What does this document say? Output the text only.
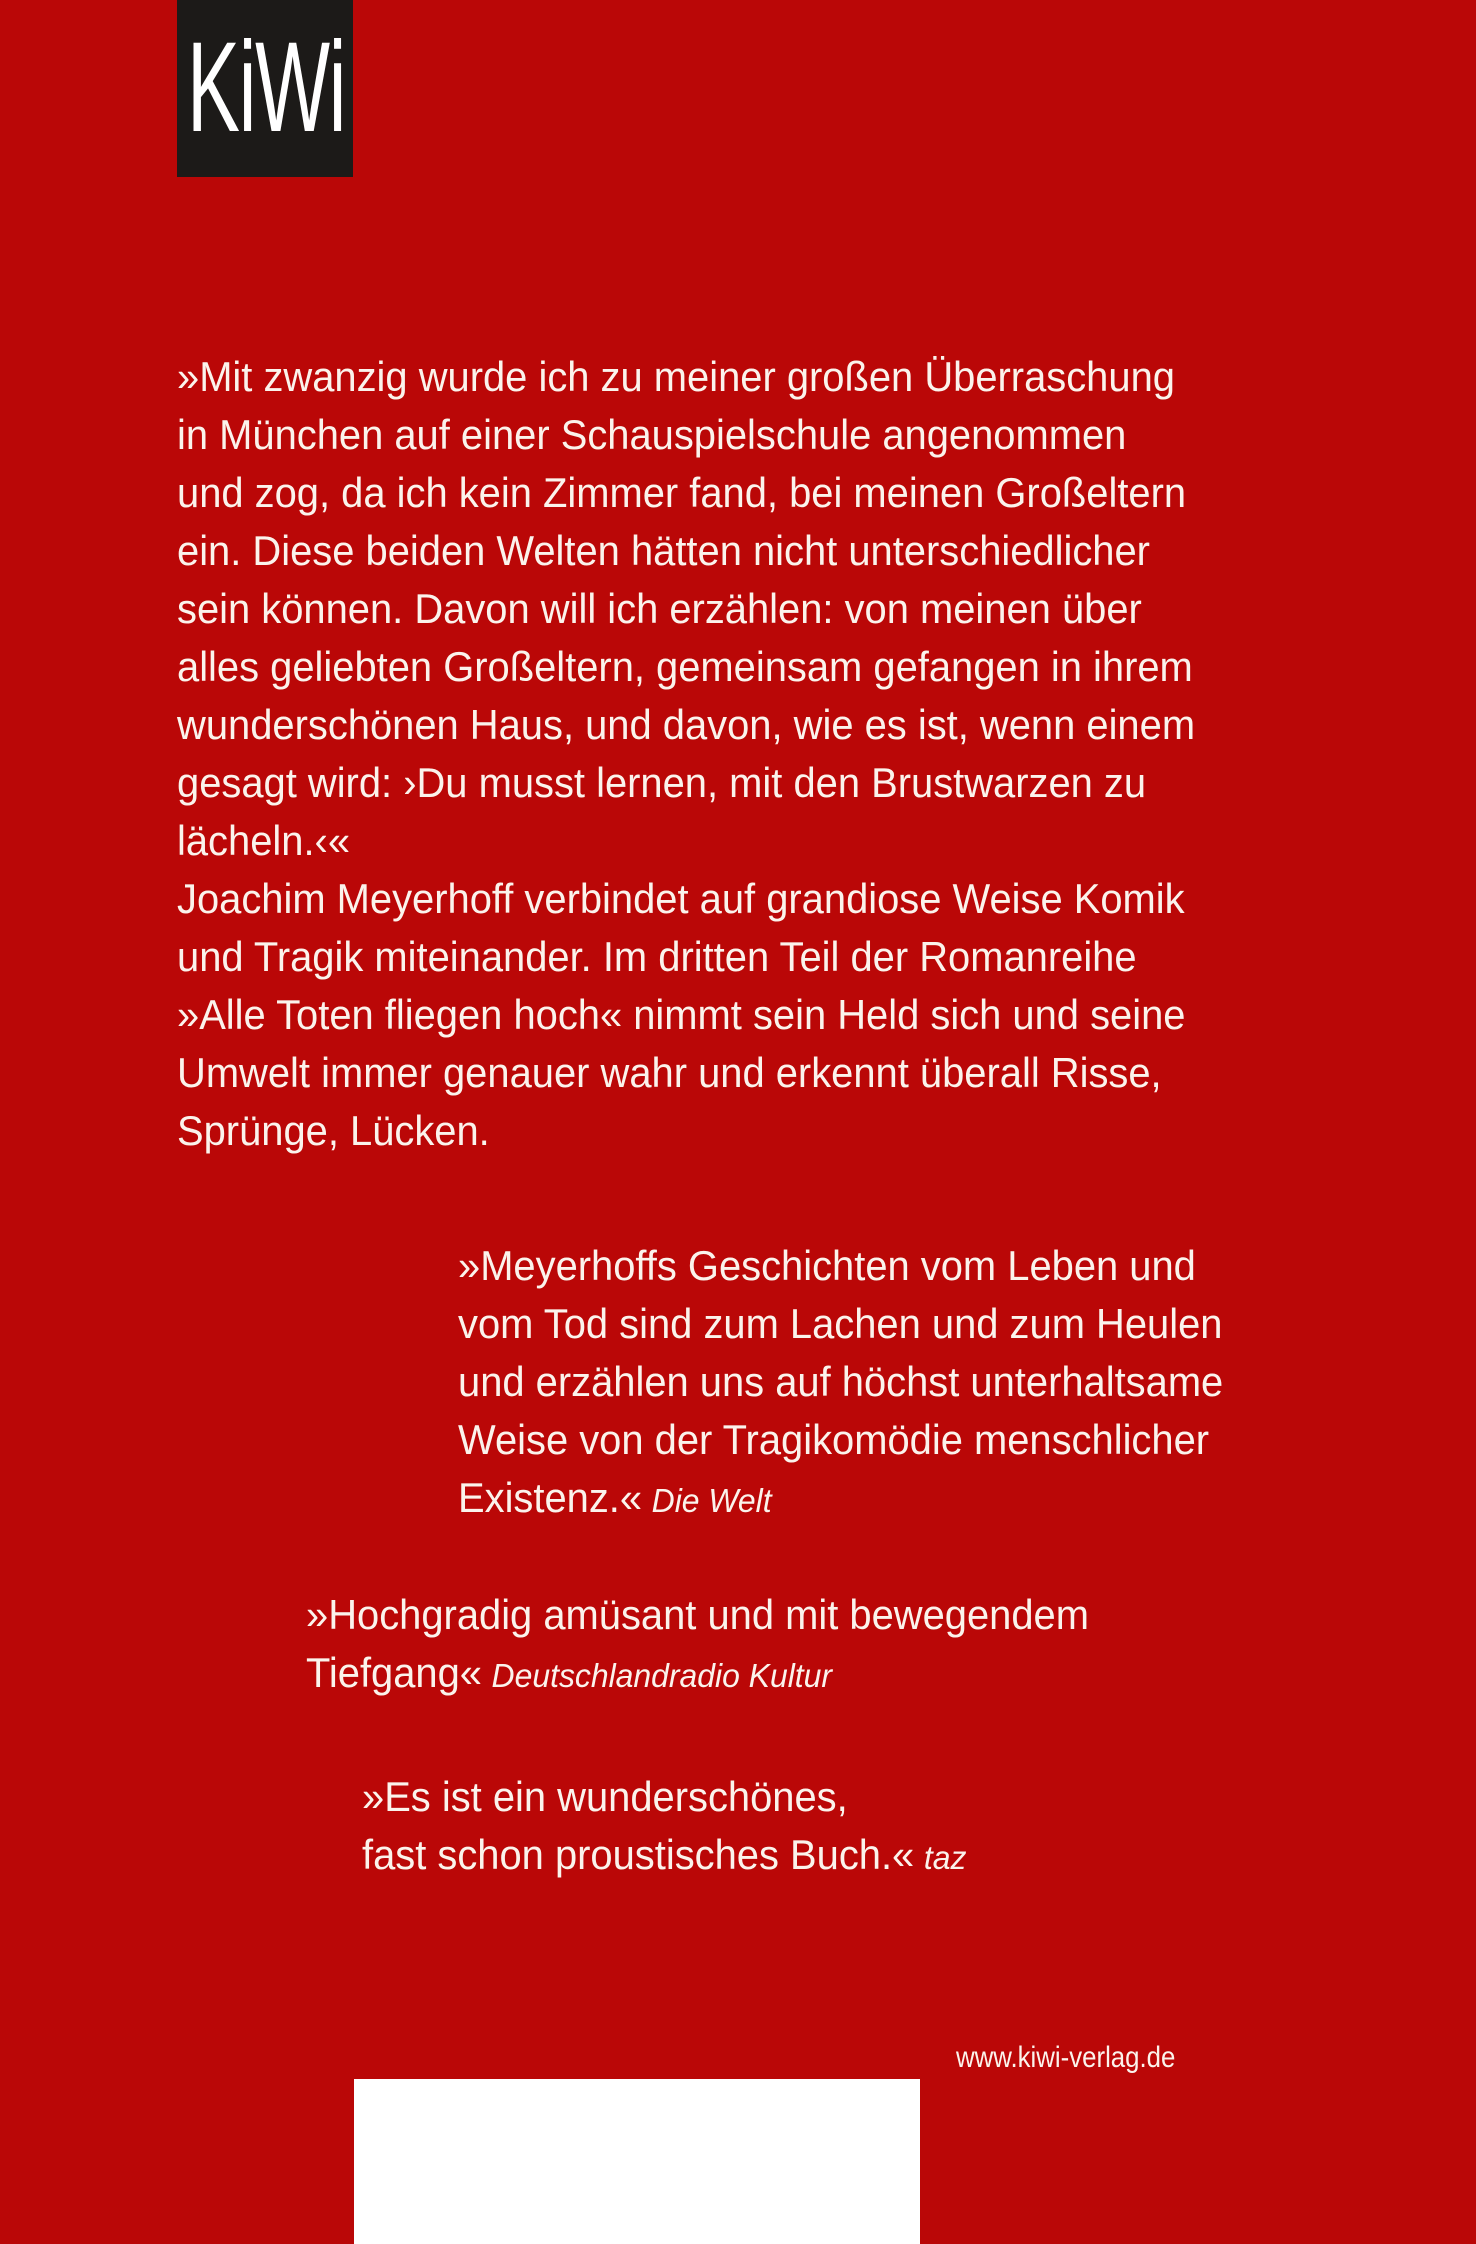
KiWi
»Mit zwanzig wurde ich zu meiner großen Überraschung
in München auf einer Schauspielschule angenommen
und zog, da ich kein Zimmer fand, bei meinen Großeltern
ein. Diese beiden Welten hätten nicht unterschiedlicher
sein können. Davon will ich erzählen: von meinen über
alles geliebten Großeltern, gemeinsam gefangen in ihrem
wunderschönen Haus, und davon, wie es ist, wenn einem
gesagt wird: ›Du musst lernen, mit den Brustwarzen zu
lächeln.‹«
Joachim Meyerhoff verbindet auf grandiose Weise Komik
und Tragik miteinander. Im dritten Teil der Romanreihe
»Alle Toten fliegen hoch« nimmt sein Held sich und seine
Umwelt immer genauer wahr und erkennt überall Risse,
Sprünge, Lücken.
»Meyerhoffs Geschichten vom Leben und
vom Tod sind zum Lachen und zum Heulen
und erzählen uns auf höchst unterhaltsame
Weise von der Tragikomödie menschlicher
Existenz.« Die Welt
»Hochgradig amüsant und mit bewegendem
Tiefgang« Deutschlandradio Kultur
»Es ist ein wunderschönes,
fast schon proustisches Buch.« taz
www.kiwi-verlag.de
